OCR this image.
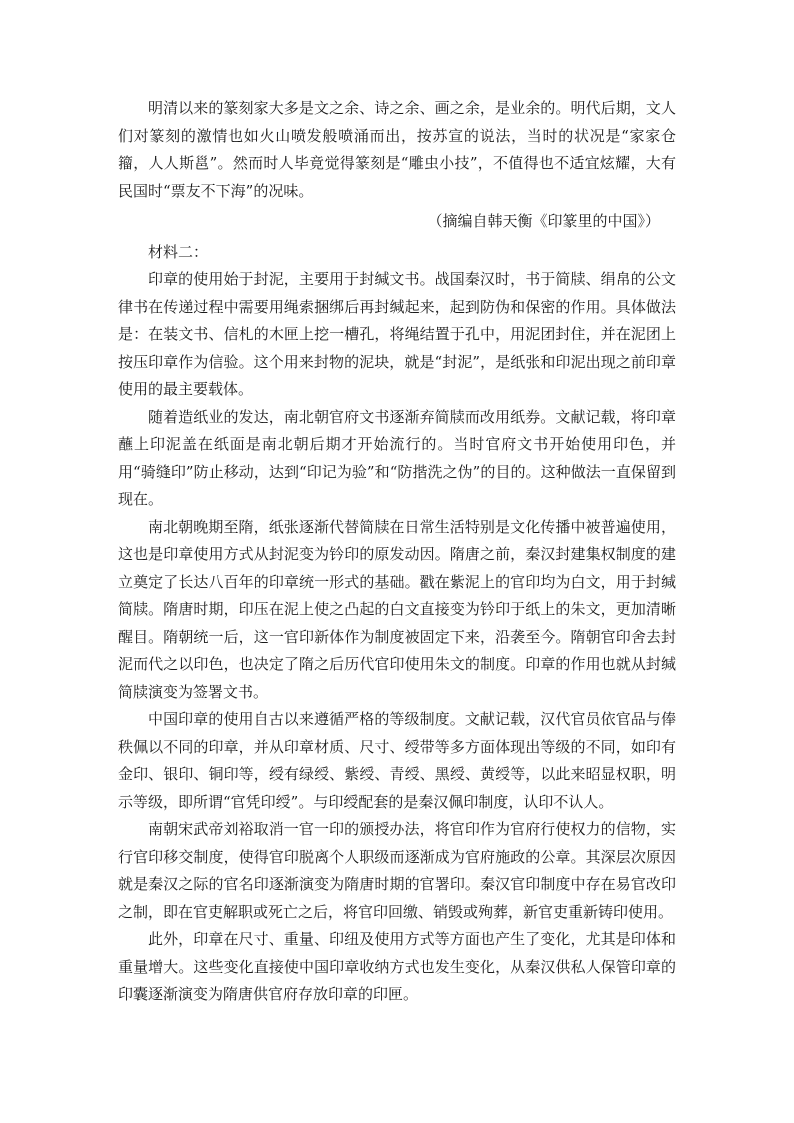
明清以来的篆刻家大多是文之余、诗之余、画之余，是业余的。明代后期，文人们对篆刻的激情也如火山喷发般喷涌而出，按苏宣的说法，当时的状况是“家家仓籀，人人斯邕”。然而时人毕竟觉得篆刻是“雕虫小技”，不值得也不适宜炫耀，大有民国时“票友不下海”的况味。

（摘编自韩天衡《印篆里的中国》）

材料二：

印章的使用始于封泥，主要用于封缄文书。战国秦汉时，书于简牍、绢帛的公文律书在传递过程中需要用绳索捆绑后再封缄起来，起到防伪和保密的作用。具体做法是：在装文书、信札的木匣上挖一槽孔，将绳结置于孔中，用泥团封住，并在泥团上按压印章作为信验。这个用来封物的泥块，就是“封泥”，是纸张和印泥出现之前印章使用的最主要载体。

随着造纸业的发达，南北朝官府文书逐渐弃简牍而改用纸券。文献记载，将印章蘸上印泥盖在纸面是南北朝后期才开始流行的。当时官府文书开始使用印色，并用“骑缝印”防止移动，达到“印记为验”和“防揩洗之伪”的目的。这种做法一直保留到现在。

南北朝晚期至隋，纸张逐渐代替简牍在日常生活特别是文化传播中被普遍使用，这也是印章使用方式从封泥变为钤印的原发动因。隋唐之前，秦汉封建集权制度的建立奠定了长达八百年的印章统一形式的基础。戳在紫泥上的官印均为白文，用于封缄简牍。隋唐时期，印压在泥上使之凸起的白文直接变为钤印于纸上的朱文，更加清晰醒目。隋朝统一后，这一官印新体作为制度被固定下来，沿袭至今。隋朝官印舍去封泥而代之以印色，也决定了隋之后历代官印使用朱文的制度。印章的作用也就从封缄简牍演变为签署文书。

中国印章的使用自古以来遵循严格的等级制度。文献记载，汉代官员依官品与俸秩佩以不同的印章，并从印章材质、尺寸、绶带等多方面体现出等级的不同，如印有金印、银印、铜印等，绶有绿绶、紫绶、青绶、黑绶、黄绶等，以此来昭显权职，明示等级，即所谓“官凭印绶”。与印绶配套的是秦汉佩印制度，认印不认人。

南朝宋武帝刘裕取消一官一印的颁授办法，将官印作为官府行使权力的信物，实行官印移交制度，使得官印脱离个人职级而逐渐成为官府施政的公章。其深层次原因就是秦汉之际的官名印逐渐演变为隋唐时期的官署印。秦汉官印制度中存在易官改印之制，即在官吏解职或死亡之后，将官印回缴、销毁或殉葬，新官吏重新铸印使用。

此外，印章在尺寸、重量、印纽及使用方式等方面也产生了变化，尤其是印体和重量增大。这些变化直接使中国印章收纳方式也发生变化，从秦汉供私人保管印章的印囊逐渐演变为隋唐供官府存放印章的印匣。
